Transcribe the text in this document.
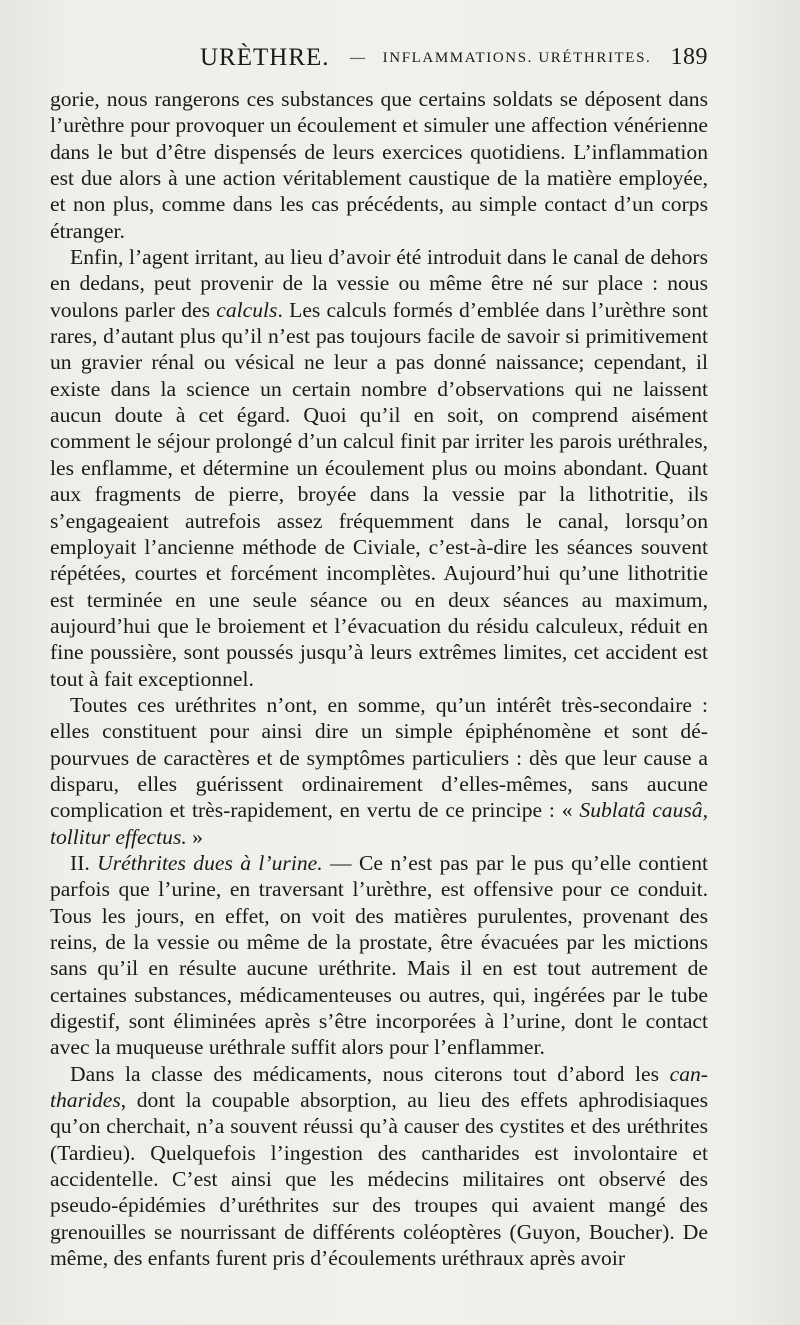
URÈTHRE. — INFLAMMATIONS. URÉTHRITES. 189

gorie, nous rangerons ces substances que certains soldats se déposent dans l’urèthre pour provoquer un écoulement et simuler une affection vénérienne dans le but d’être dispensés de leurs exercices quotidiens. L’inflammation est due alors à une action véritablement caustique de la matière employée, et non plus, comme dans les cas précédents, au simple contact d’un corps étranger.

Enfin, l’agent irritant, au lieu d’avoir été introduit dans le canal de dehors en dedans, peut provenir de la vessie ou même être né sur place : nous voulons parler des calculs. Les calculs formés d’emblée dans l’urèthre sont rares, d’autant plus qu’il n’est pas toujours facile de savoir si primitivement un gravier rénal ou vésical ne leur a pas donné naissance; cependant, il existe dans la science un certain nombre d’observations qui ne laissent aucun doute à cet égard. Quoi qu’il en soit, on comprend aisément comment le séjour prolongé d’un calcul finit par irriter les parois uréthrales, les enflamme, et détermine un écoulement plus ou moins abondant. Quant aux fragments de pierre, broyée dans la vessie par la lithotritie, ils s’engageaient autrefois assez fréquemment dans le canal, lorsqu’on employait l’ancienne méthode de Civiale, c’est-à-dire les séances souvent répétées, courtes et forcément incomplètes. Aujourd’hui qu’une lithotritie est terminée en une seule séance ou en deux séances au maximum, aujourd’hui que le broiement et l’évacuation du résidu calculeux, réduit en fine poussière, sont poussés jusqu’à leurs extrêmes limites, cet accident est tout à fait exceptionnel.

Toutes ces uréthrites n’ont, en somme, qu’un intérêt très-secondaire : elles constituent pour ainsi dire un simple épiphénomène et sont dépourvues de caractères et de symptômes particuliers : dès que leur cause a disparu, elles guérissent ordinairement d’elles-mêmes, sans aucune complication et très-rapidement, en vertu de ce principe : « Sublatâ causâ, tollitur effectus. »

II. Uréthrites dues à l’urine. — Ce n’est pas par le pus qu’elle contient parfois que l’urine, en traversant l’urèthre, est offensive pour ce conduit. Tous les jours, en effet, on voit des matières purulentes, provenant des reins, de la vessie ou même de la prostate, être évacuées par les mictions sans qu’il en résulte aucune uréthrite. Mais il en est tout autrement de certaines substances, médicamenteuses ou autres, qui, ingérées par le tube digestif, sont éliminées après s’être incorporées à l’urine, dont le contact avec la muqueuse uréthrale suffit alors pour l’enflammer.

Dans la classe des médicaments, nous citerons tout d’abord les cantharides, dont la coupable absorption, au lieu des effets aphrodisiaques qu’on cherchait, n’a souvent réussi qu’à causer des cystites et des uréthrites (Tardieu). Quelquefois l’ingestion des cantharides est involontaire et accidentelle. C’est ainsi que les médecins militaires ont observé des pseudo-épidémies d’uréthrites sur des troupes qui avaient mangé des grenouilles se nourrissant de différents coléoptères (Guyon, Boucher). De même, des enfants furent pris d’écoulements uréthraux après avoir
